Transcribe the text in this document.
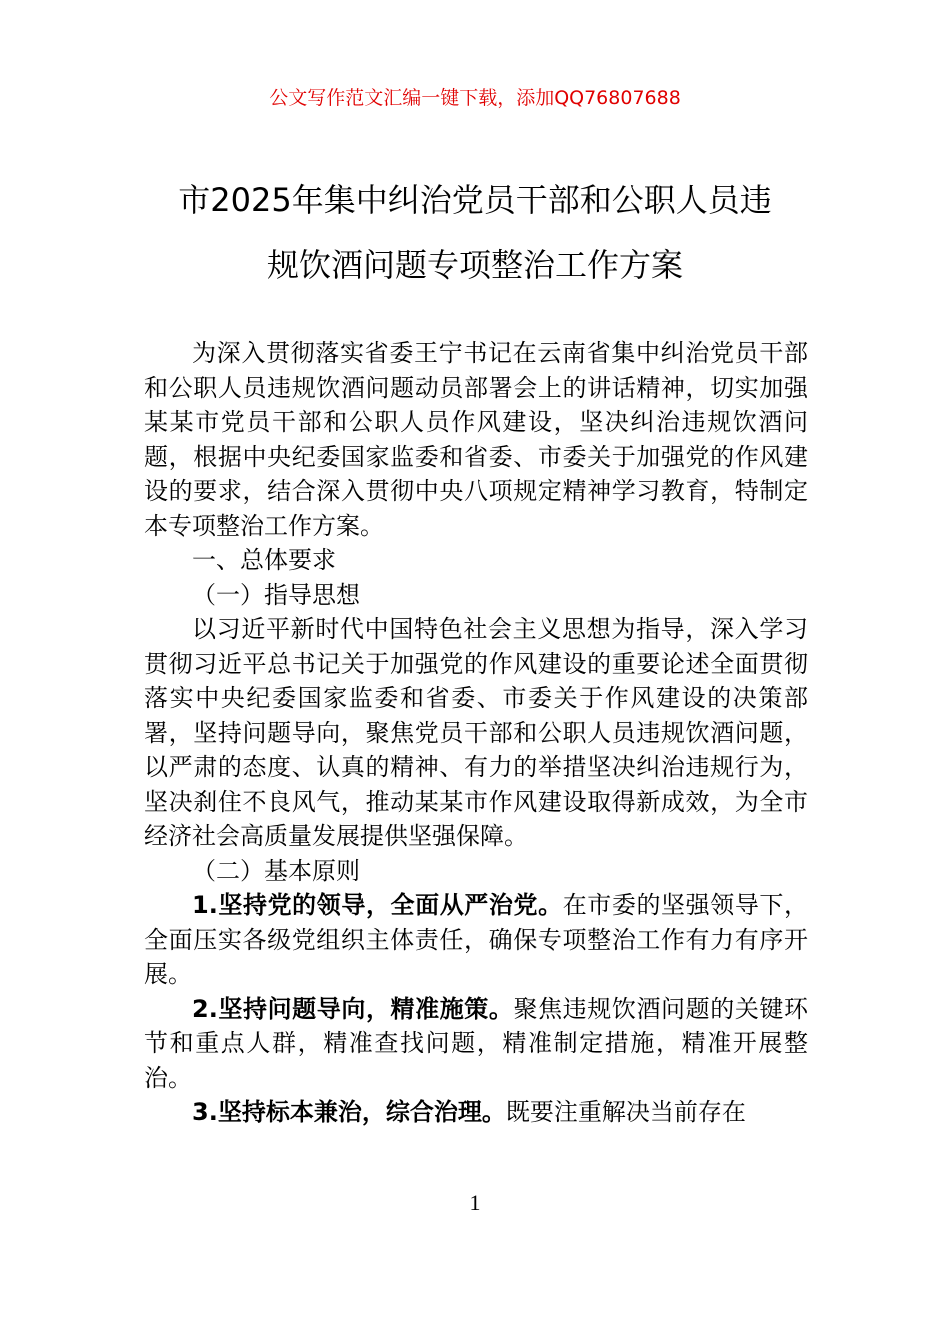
公文写作范文汇编一键下载，添加QQ76807688
市2025年集中纠治党员干部和公职人员违
规饮酒问题专项整治工作方案

为深入贯彻落实省委王宁书记在云南省集中纠治党员干部和公职人员违规饮酒问题动员部署会上的讲话精神，切实加强某某市党员干部和公职人员作风建设，坚决纠治违规饮酒问题，根据中央纪委国家监委和省委、市委关于加强党的作风建设的要求，结合深入贯彻中央八项规定精神学习教育，特制定本专项整治工作方案。

一、总体要求

（一）指导思想

以习近平新时代中国特色社会主义思想为指导，深入学习贯彻习近平总书记关于加强党的作风建设的重要论述全面贯彻落实中央纪委国家监委和省委、市委关于作风建设的决策部署，坚持问题导向，聚焦党员干部和公职人员违规饮酒问题，以严肃的态度、认真的精神、有力的举措坚决纠治违规行为，坚决刹住不良风气，推动某某市作风建设取得新成效，为全市经济社会高质量发展提供坚强保障。

（二）基本原则

1.坚持党的领导，全面从严治党。在市委的坚强领导下，全面压实各级党组织主体责任，确保专项整治工作有力有序开展。

2.坚持问题导向，精准施策。聚焦违规饮酒问题的关键环节和重点人群，精准查找问题，精准制定措施，精准开展整治。

3.坚持标本兼治，综合治理。既要注重解决当前存在

1
